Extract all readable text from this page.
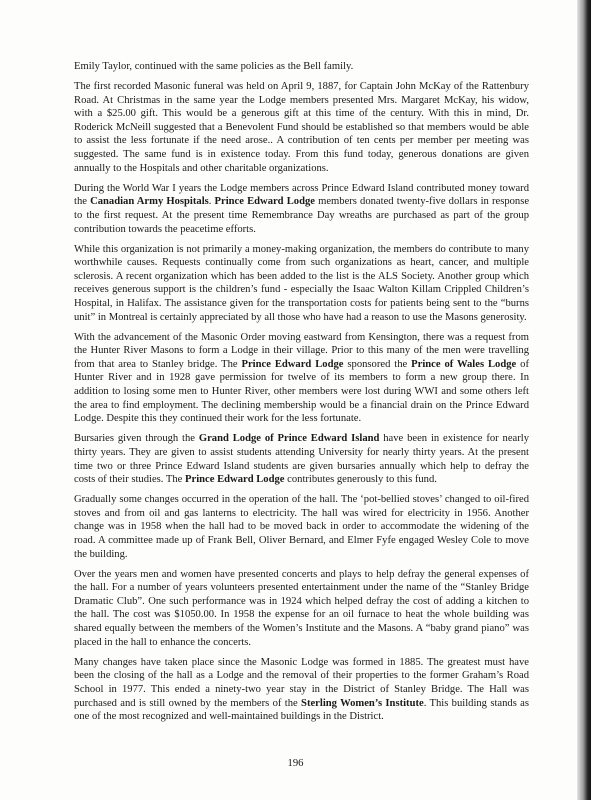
Emily Taylor, continued with the same policies as the Bell family.

The first recorded Masonic funeral was held on April 9, 1887, for Captain John McKay of the Rattenbury Road. At Christmas in the same year the Lodge members presented Mrs. Margaret McKay, his widow, with a $25.00 gift. This would be a generous gift at this time of the century. With this in mind, Dr. Roderick McNeill suggested that a Benevolent Fund should be established so that members would be able to assist the less fortunate if the need arose.. A contribution of ten cents per member per meeting was suggested. The same fund is in existence today. From this fund today, generous donations are given annually to the Hospitals and other charitable organizations.

During the World War I years the Lodge members across Prince Edward Island contributed money toward the Canadian Army Hospitals. Prince Edward Lodge members donated twenty-five dollars in response to the first request. At the present time Remembrance Day wreaths are purchased as part of the group contribution towards the peacetime efforts.

While this organization is not primarily a money-making organization, the members do contribute to many worthwhile causes. Requests continually come from such organizations as heart, cancer, and multiple sclerosis. A recent organization which has been added to the list is the ALS Society. Another group which receives generous support is the children’s fund - especially the Isaac Walton Killam Crippled Children’s Hospital, in Halifax. The assistance given for the transportation costs for patients being sent to the “burns unit” in Montreal is certainly appreciated by all those who have had a reason to use the Masons generosity.

With the advancement of the Masonic Order moving eastward from Kensington, there was a request from the Hunter River Masons to form a Lodge in their village. Prior to this many of the men were travelling from that area to Stanley bridge. The Prince Edward Lodge sponsored the Prince of Wales Lodge of Hunter River and in 1928 gave permission for twelve of its members to form a new group there. In addition to losing some men to Hunter River, other members were lost during WWI and some others left the area to find employment. The declining membership would be a financial drain on the Prince Edward Lodge. Despite this they continued their work for the less fortunate.

Bursaries given through the Grand Lodge of Prince Edward Island have been in existence for nearly thirty years. They are given to assist students attending University for nearly thirty years. At the present time two or three Prince Edward Island students are given bursaries annually which help to defray the costs of their studies. The Prince Edward Lodge contributes generously to this fund.

Gradually some changes occurred in the operation of the hall. The ‘pot-bellied stoves’ changed to oil-fired stoves and from oil and gas lanterns to electricity. The hall was wired for electricity in 1956. Another change was in 1958 when the hall had to be moved back in order to accommodate the widening of the road. A committee made up of Frank Bell, Oliver Bernard, and Elmer Fyfe engaged Wesley Cole to move the building.

Over the years men and women have presented concerts and plays to help defray the general expenses of the hall. For a number of years volunteers presented entertainment under the name of the “Stanley Bridge Dramatic Club”. One such performance was in 1924 which helped defray the cost of adding a kitchen to the hall. The cost was $1050.00. In 1958 the expense for an oil furnace to heat the whole building was shared equally between the members of the Women’s Institute and the Masons. A “baby grand piano” was placed in the hall to enhance the concerts.

Many changes have taken place since the Masonic Lodge was formed in 1885. The greatest must have been the closing of the hall as a Lodge and the removal of their properties to the former Graham’s Road School in 1977. This ended a ninety-two year stay in the District of Stanley Bridge. The Hall was purchased and is still owned by the members of the Sterling Women’s Institute. This building stands as one of the most recognized and well-maintained buildings in the District.

196
